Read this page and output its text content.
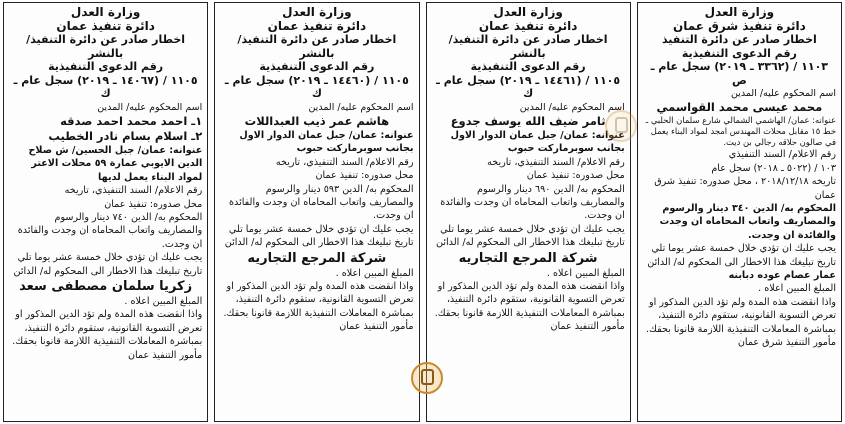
وزارة العدل
دائرة تنفيذ شرق عمان
اخطار صادر عن دائرة التنفيذ
رقم الدعوى التنفيذية
١١٠٣ / (٣٣٦٢ ـ ٢٠١٩) سجل عام ـ ص
اسم المحكوم عليه/ المدين
محمد عيسى محمد القواسمي
عنوانه: عمان/ الهاشمي الشمالي شارع سلمان الحلبي ـ خط ١٥ مقابل محلات المهندس امجد لمواد البناء يعمل في صالون حلاقه رجالي بن ديت.
رقم الاعلام/ السند التنفيذي
١٠٣ / (٥٠٢٢ ـ ٢٠١٨) سجل عام
تاريخه ٢٠١٨/١٢/١٨ ، محل صدوره: تنفيذ شرق عمان
المحكوم به/ الدين ٣٤٠ دينار والرسوم والمصاريف واتعاب المحاماه ان وجدت والفائدة ان وجدت.
يجب عليك ان تؤدي خلال خمسة عشر يوما تلي تاريخ تبليغك هذا الاخطار الى المحكوم له/ الدائن
عمار عصام عوده دبابنه
المبلغ المبين اعلاه .
واذا انقضت هذه المدة ولم تؤد الدين المذكور او تعرض التسوية القانونية، ستقوم دائرة التنفيذ، بمباشرة المعاملات التنفيذية اللازمة قانونا بحقك.
مأمور التنفيذ شرق عمان
وزارة العدل
دائرة تنفيذ عمان
اخطار صادر عن دائرة التنفيذ/بالنشر
رقم الدعوى التنفيذية
١١٠٥ / (١٤٤٦١ ـ ٢٠١٩) سجل عام ـ ك
اسم المحكوم عليه/ المدين
ثامر ضيف الله يوسف جدوع
عنوانه: عمان/ جبل عمان الدوار الاول بجانب سوبرماركت حبوب
رقم الاعلام/ السند التنفيذي، تاريخه
محل صدوره: تنفيذ عمان
المحكوم به/ الدين ٦٩٠ دينار والرسوم والمصاريف واتعاب المحاماه ان وجدت والفائدة ان وجدت.
يجب عليك ان تؤدي خلال خمسة عشر يوما تلي تاريخ تبليغك هذا الاخطار الى المحكوم له/ الدائن
شركة المرجع التجاريه
المبلغ المبين اعلاه .
واذا انقضت هذه المدة ولم تؤد الدين المذكور او تعرض التسوية القانونية، ستقوم دائرة التنفيذ، بمباشرة المعاملات التنفيذية اللازمة قانونا بحقك.
مأمور التنفيذ عمان
وزارة العدل
دائرة تنفيذ عمان
اخطار صادر عن دائرة التنفيذ/بالنشر
رقم الدعوى التنفيذية
١١٠٥ / (١٤٤٦٠ ـ ٢٠١٩) سجل عام ـ ك
اسم المحكوم عليه/ المدين
هاشم عمر ذيب العبداللات
عنوانه: عمان/ جبل عمان الدوار الاول بجانب سوبرماركت حبوب
رقم الاعلام/ السند التنفيذي، تاريخه
محل صدوره: تنفيذ عمان
المحكوم به/ الدين ٥٩٣ دينار والرسوم والمصاريف واتعاب المحاماه ان وجدت والفائدة ان وجدت.
يجب عليك ان تؤدي خلال خمسة عشر يوما تلي تاريخ تبليغك هذا الاخطار الى المحكوم له/ الدائن
شركة المرجع التجاريه
المبلغ المبين اعلاه .
واذا انقضت هذه المدة ولم تؤد الدين المذكور او تعرض التسوية القانونية، ستقوم دائرة التنفيذ، بمباشرة المعاملات التنفيذية اللازمة قانونا بحقك.
مأمور التنفيذ عمان
وزارة العدل
دائرة تنفيذ عمان
اخطار صادر عن دائرة التنفيذ/بالنشر
رقم الدعوى التنفيذية
١١٠٥ / (١٤٠٦٧ ـ ٢٠١٩) سجل عام ـ ك
اسم المحكوم عليه/ المدين
١ـ احمد محمد احمد صدقه
٢ـ اسلام بسام نادر الخطيب
عنوانه: عمان/ جبل الحسين/ ش صلاح الدين الايوبي عمارة ٥٩ محلات الاعتر لمواد البناء يعمل لديها
رقم الاعلام/ السند التنفيذي، تاريخه
محل صدوره: تنفيذ عمان
المحكوم به/ الدين ٧٤٠ دينار والرسوم والمصاريف واتعاب المحاماه ان وجدت والفائدة ان وجدت.
يجب عليك ان تؤدي خلال خمسة عشر يوما تلي تاريخ تبليغك هذا الاخطار الى المحكوم له/ الدائن
زكريا سلمان مصطفى سعد
المبلغ المبين اعلاه .
واذا انقضت هذه المدة ولم تؤد الدين المذكور او تعرض التسوية القانونية، ستقوم دائرة التنفيذ، بمباشرة المعاملات التنفيذية اللازمة قانونا بحقك.
مأمور التنفيذ عمان
